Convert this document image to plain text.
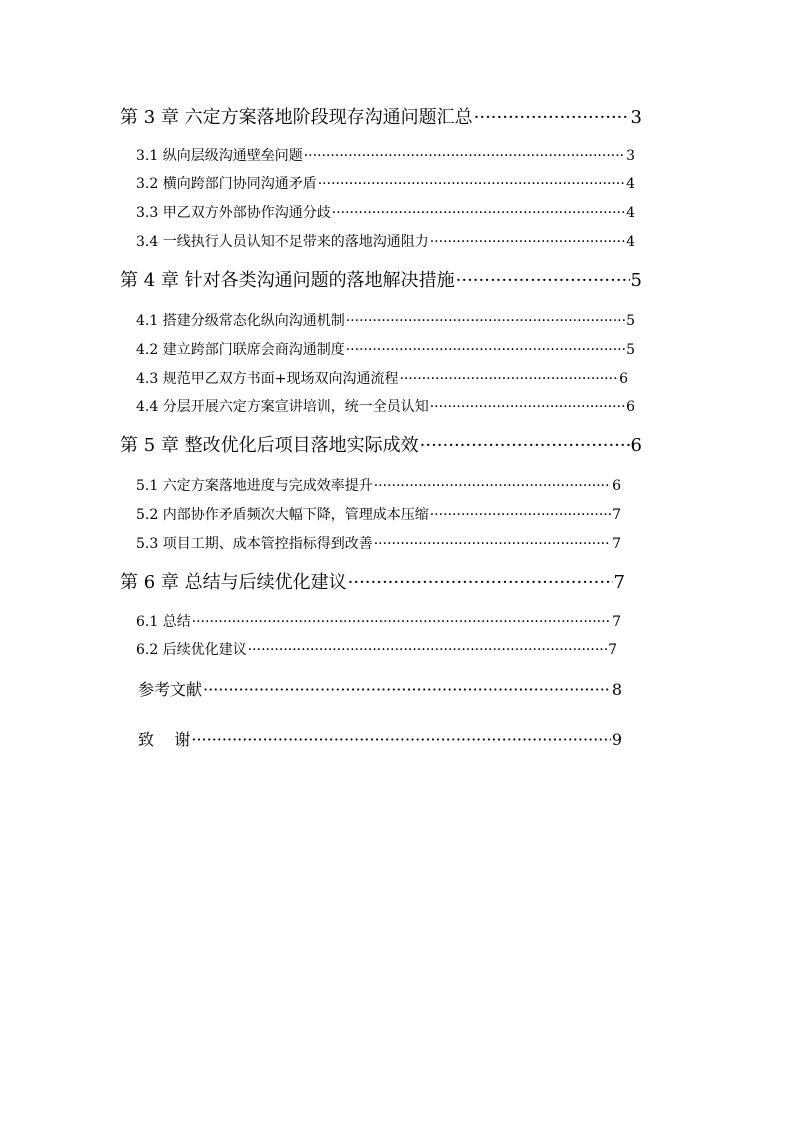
第 3 章 六定方案落地阶段现存沟通问题汇总 ·····	3
3.1 纵向层级沟通壁垒问题 ·····	3
3.2 横向跨部门协同沟通矛盾 ·····	4
3.3 甲乙双方外部协作沟通分歧 ·····	4
3.4 一线执行人员认知不足带来的落地沟通阻力 ·····	4
第 4 章 针对各类沟通问题的落地解决措施 ·····	5
4.1 搭建分级常态化纵向沟通机制 ·····	5
4.2 建立跨部门联席会商沟通制度 ·····	5
4.3 规范甲乙双方书面+现场双向沟通流程 ·····	6
4.4 分层开展六定方案宣讲培训，统一全员认知 ·····	6
第 5 章 整改优化后项目落地实际成效 ·····	6
5.1 六定方案落地进度与完成效率提升 ·····	6
5.2 内部协作矛盾频次大幅下降，管理成本压缩 ·····	7
5.3 项目工期、成本管控指标得到改善 ·····	7
第 6 章 总结与后续优化建议 ·····	7
6.1 总结 ·····	7
6.2 后续优化建议 ·····	7
参考文献 ·····	8
致    谢 ·····	9
